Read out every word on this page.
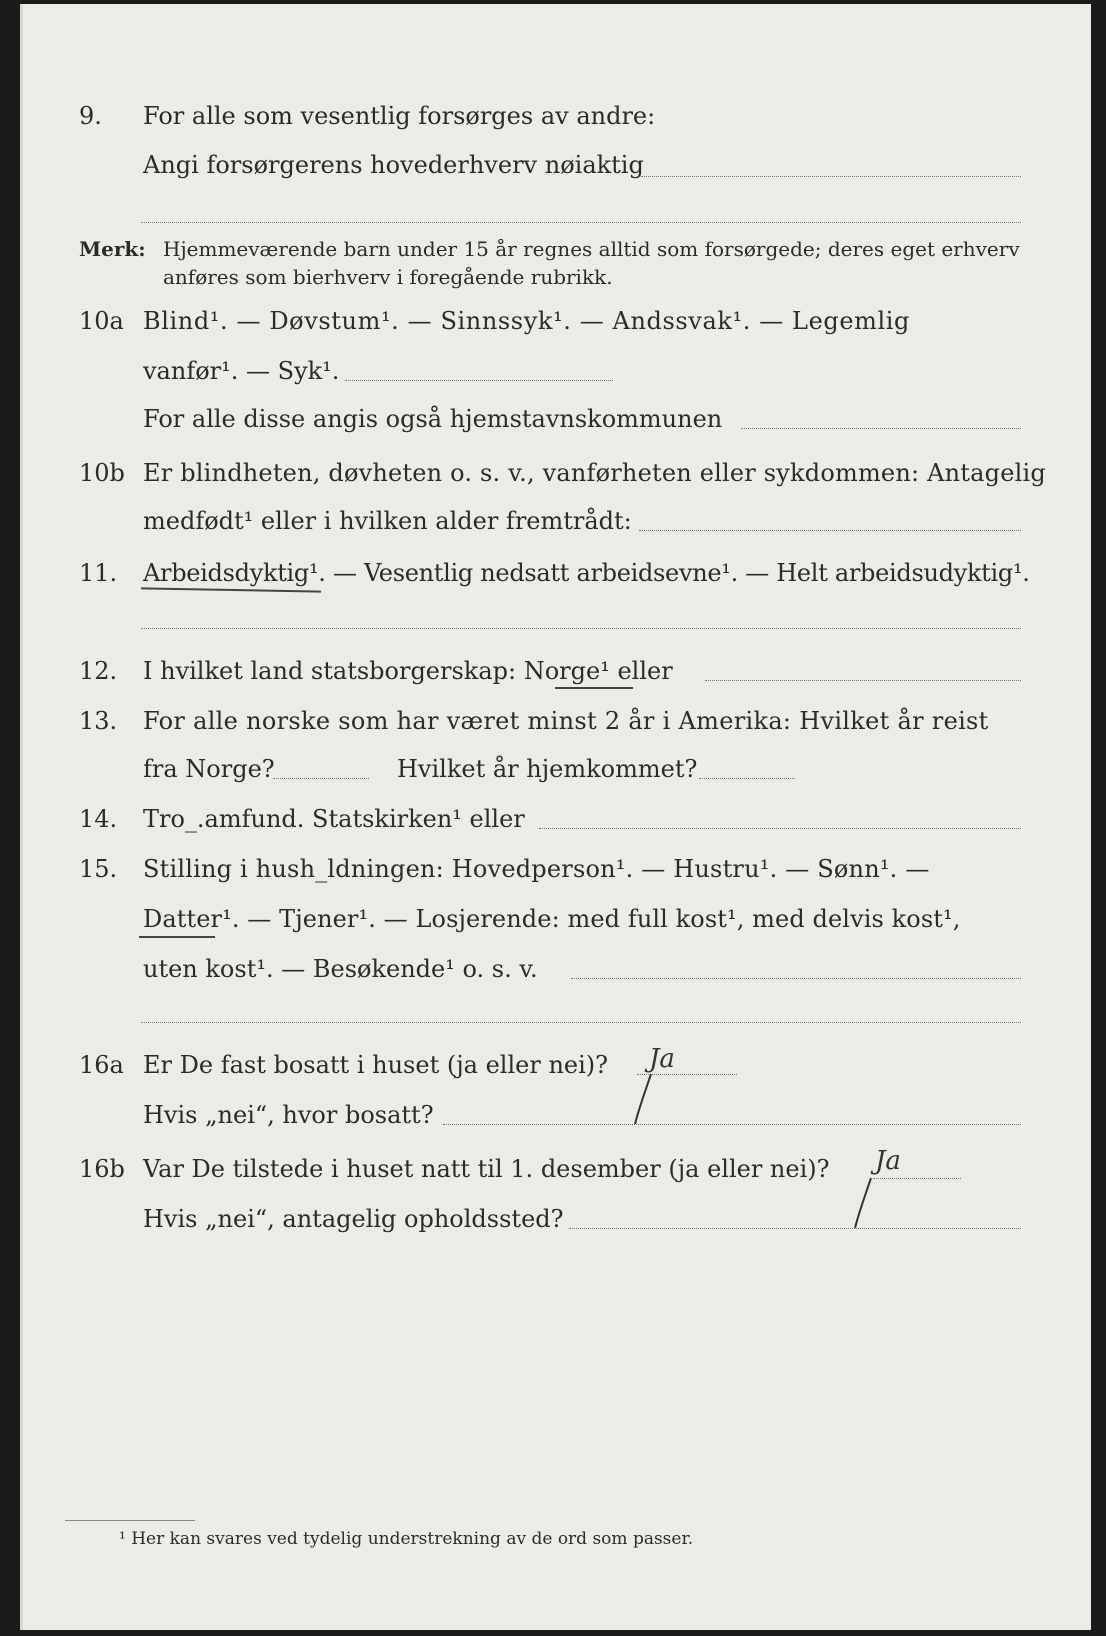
9. For alle som vesentlig forsørges av andre:
Angi forsørgerens hovederhverv nøiaktig
Merk: Hjemmeværende barn under 15 år regnes alltid som forsørgede; deres eget erhverv
anføres som bierhverv i foregående rubrikk.
10a Blind¹. — Døvstum¹. — Sinnssyk¹. — Andssvak¹. — Legemlig
vanfør¹. — Syk¹.
For alle disse angis også hjemstavnskommunen
10b Er blindheten, døvheten o. s. v., vanførheten eller sykdommen: Antagelig
medfødt¹ eller i hvilken alder fremtrådt:
11. Arbeidsdyktig¹. — Vesentlig nedsatt arbeidsevne¹. — Helt arbeidsudyktig¹.
12. I hvilket land statsborgerskap: Norge¹ eller
13. For alle norske som har været minst 2 år i Amerika: Hvilket år reist
fra Norge?	Hvilket år hjemkommet?
14. Tro_.amfund. Statskirken¹ eller
15. Stilling i hush_ldningen: Hovedperson¹. — Hustru¹. — Sønn¹. —
Datter¹. — Tjener¹. — Losjerende: med full kost¹, med delvis kost¹,
uten kost¹. — Besøkende¹ o. s. v.
16a Er De fast bosatt i huset (ja eller nei)? Ja
Hvis „nei“, hvor bosatt?
16b Var De tilstede i huset natt til 1. desember (ja eller nei)? Ja
Hvis „nei“, antagelig opholdssted?
¹ Her kan svares ved tydelig understrekning av de ord som passer.
